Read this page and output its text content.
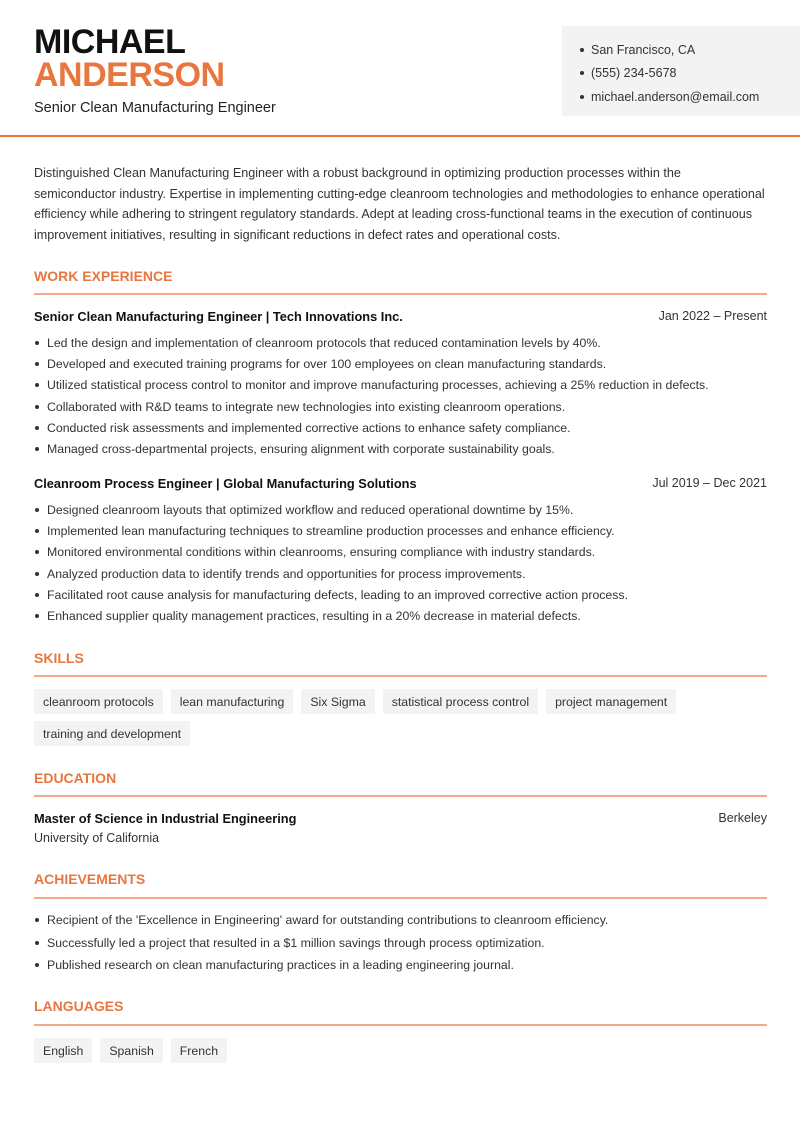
MICHAEL
ANDERSON
Senior Clean Manufacturing Engineer
San Francisco, CA
(555) 234-5678
michael.anderson@email.com
Distinguished Clean Manufacturing Engineer with a robust background in optimizing production processes within the semiconductor industry. Expertise in implementing cutting-edge cleanroom technologies and methodologies to enhance operational efficiency while adhering to stringent regulatory standards. Adept at leading cross-functional teams in the execution of continuous improvement initiatives, resulting in significant reductions in defect rates and operational costs.
WORK EXPERIENCE
Senior Clean Manufacturing Engineer | Tech Innovations Inc.	Jan 2022 – Present
Led the design and implementation of cleanroom protocols that reduced contamination levels by 40%.
Developed and executed training programs for over 100 employees on clean manufacturing standards.
Utilized statistical process control to monitor and improve manufacturing processes, achieving a 25% reduction in defects.
Collaborated with R&D teams to integrate new technologies into existing cleanroom operations.
Conducted risk assessments and implemented corrective actions to enhance safety compliance.
Managed cross-departmental projects, ensuring alignment with corporate sustainability goals.
Cleanroom Process Engineer | Global Manufacturing Solutions	Jul 2019 – Dec 2021
Designed cleanroom layouts that optimized workflow and reduced operational downtime by 15%.
Implemented lean manufacturing techniques to streamline production processes and enhance efficiency.
Monitored environmental conditions within cleanrooms, ensuring compliance with industry standards.
Analyzed production data to identify trends and opportunities for process improvements.
Facilitated root cause analysis for manufacturing defects, leading to an improved corrective action process.
Enhanced supplier quality management practices, resulting in a 20% decrease in material defects.
SKILLS
cleanroom protocols	lean manufacturing	Six Sigma	statistical process control	project management
training and development
EDUCATION
Master of Science in Industrial Engineering	Berkeley
University of California
ACHIEVEMENTS
Recipient of the 'Excellence in Engineering' award for outstanding contributions to cleanroom efficiency.
Successfully led a project that resulted in a $1 million savings through process optimization.
Published research on clean manufacturing practices in a leading engineering journal.
LANGUAGES
English	Spanish	French
